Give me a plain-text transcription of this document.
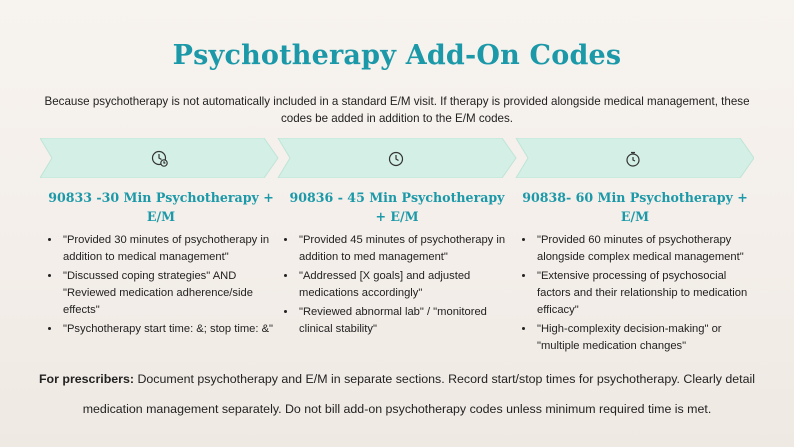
Psychotherapy Add-On Codes
Because psychotherapy is not automatically included in a standard E/M visit. If therapy is provided alongside medical management, these codes be added in addition to the E/M codes.
90833 -30 Min Psychotherapy + E/M
• "Provided 30 minutes of psychotherapy in addition to medical management"
• "Discussed coping strategies" AND "Reviewed medication adherence/side effects"
• "Psychotherapy start time: &; stop time: &"
90836 - 45 Min Psychotherapy + E/M
• "Provided 45 minutes of psychotherapy in addition to med management"
• "Addressed [X goals] and adjusted medications accordingly"
• "Reviewed abnormal lab" / "monitored clinical stability"
90838- 60 Min Psychotherapy + E/M
• "Provided 60 minutes of psychotherapy alongside complex medical management"
• "Extensive processing of psychosocial factors and their relationship to medication efficacy"
• "High-complexity decision-making" or "multiple medication changes"
For prescribers: Document psychotherapy and E/M in separate sections. Record start/stop times for psychotherapy. Clearly detail medication management separately. Do not bill add-on psychotherapy codes unless minimum required time is met.
